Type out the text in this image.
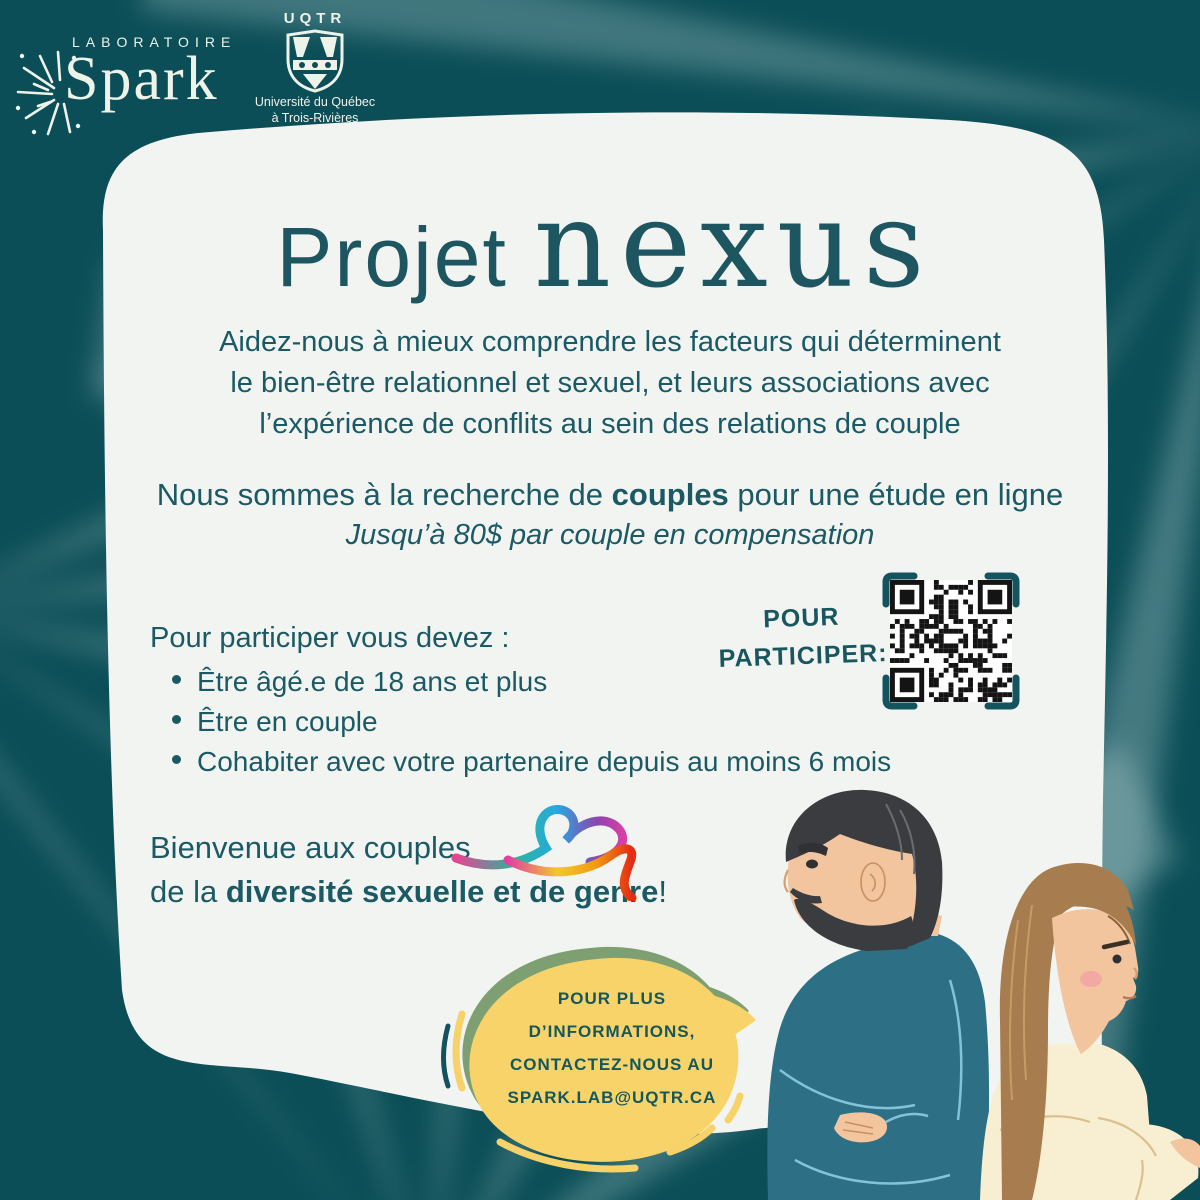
LABORATOIRE
Spark
UQTR
Université du Québec
à Trois-Rivières
Projet nexus
Aidez-nous à mieux comprendre les facteurs qui déterminent
le bien-être relationnel et sexuel, et leurs associations avec
l’expérience de conflits au sein des relations de couple
Nous sommes à la recherche de couples pour une étude en ligne
Jusqu’à 80$ par couple en compensation
Pour participer vous devez :
Être âgé.e de 18 ans et plus
Être en couple
Cohabiter avec votre partenaire depuis au moins 6 mois
POUR
PARTICIPER:
Bienvenue aux couples
de la diversité sexuelle et de genre!
POUR PLUS
D’INFORMATIONS,
CONTACTEZ-NOUS AU
SPARK.LAB@UQTR.CA
